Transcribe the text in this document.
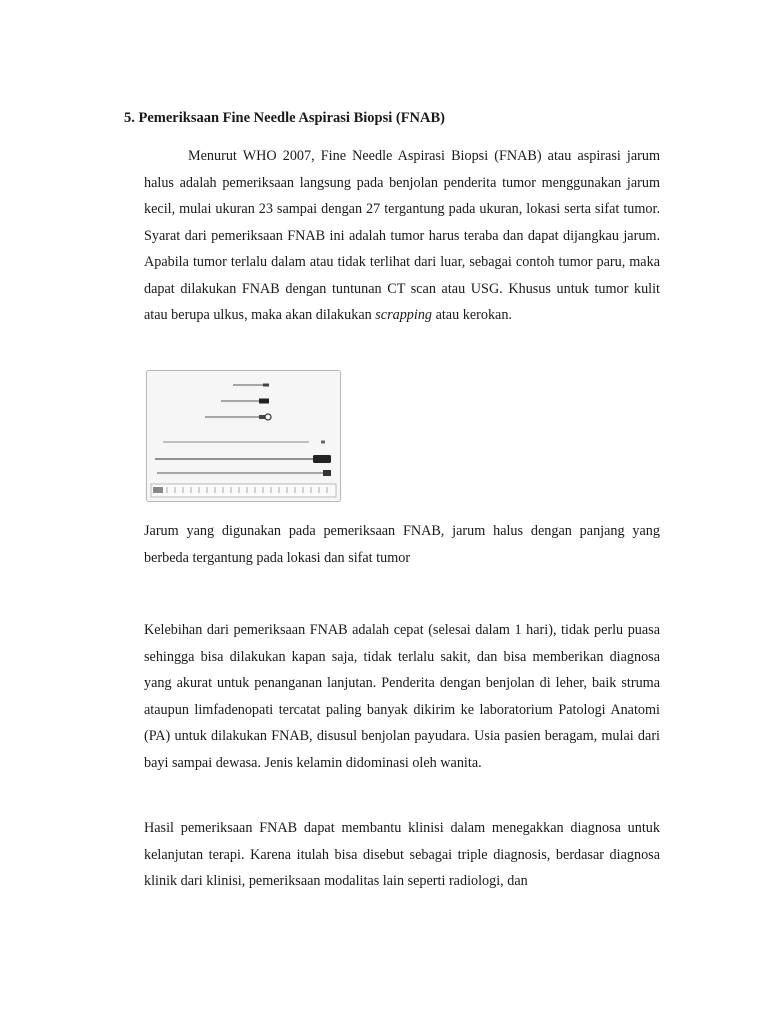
5. Pemeriksaan Fine Needle Aspirasi Biopsi (FNAB)

Menurut WHO 2007, Fine Needle Aspirasi Biopsi (FNAB) atau aspirasi jarum halus adalah pemeriksaan langsung pada benjolan penderita tumor menggunakan jarum kecil, mulai ukuran 23 sampai dengan 27 tergantung pada ukuran, lokasi serta sifat tumor. Syarat dari pemeriksaan FNAB ini adalah tumor harus teraba dan dapat dijangkau jarum. Apabila tumor terlalu dalam atau tidak terlihat dari luar, sebagai contoh tumor paru, maka dapat dilakukan FNAB dengan tuntunan CT scan atau USG. Khusus untuk tumor kulit atau berupa ulkus, maka akan dilakukan scrapping atau kerokan.

Jarum yang digunakan pada pemeriksaan FNAB, jarum halus dengan panjang yang berbeda tergantung pada lokasi dan sifat tumor

Kelebihan dari pemeriksaan FNAB adalah cepat (selesai dalam 1 hari), tidak perlu puasa sehingga bisa dilakukan kapan saja, tidak terlalu sakit, dan bisa memberikan diagnosa yang akurat untuk penanganan lanjutan. Penderita dengan benjolan di leher, baik struma ataupun limfadenopati tercatat paling banyak dikirim ke laboratorium Patologi Anatomi (PA) untuk dilakukan FNAB, disusul benjolan payudara. Usia pasien beragam, mulai dari bayi sampai dewasa. Jenis kelamin didominasi oleh wanita.

Hasil pemeriksaan FNAB dapat membantu klinisi dalam menegakkan diagnosa untuk kelanjutan terapi. Karena itulah bisa disebut sebagai triple diagnosis, berdasar diagnosa klinik dari klinisi, pemeriksaan modalitas lain seperti radiologi, dan
